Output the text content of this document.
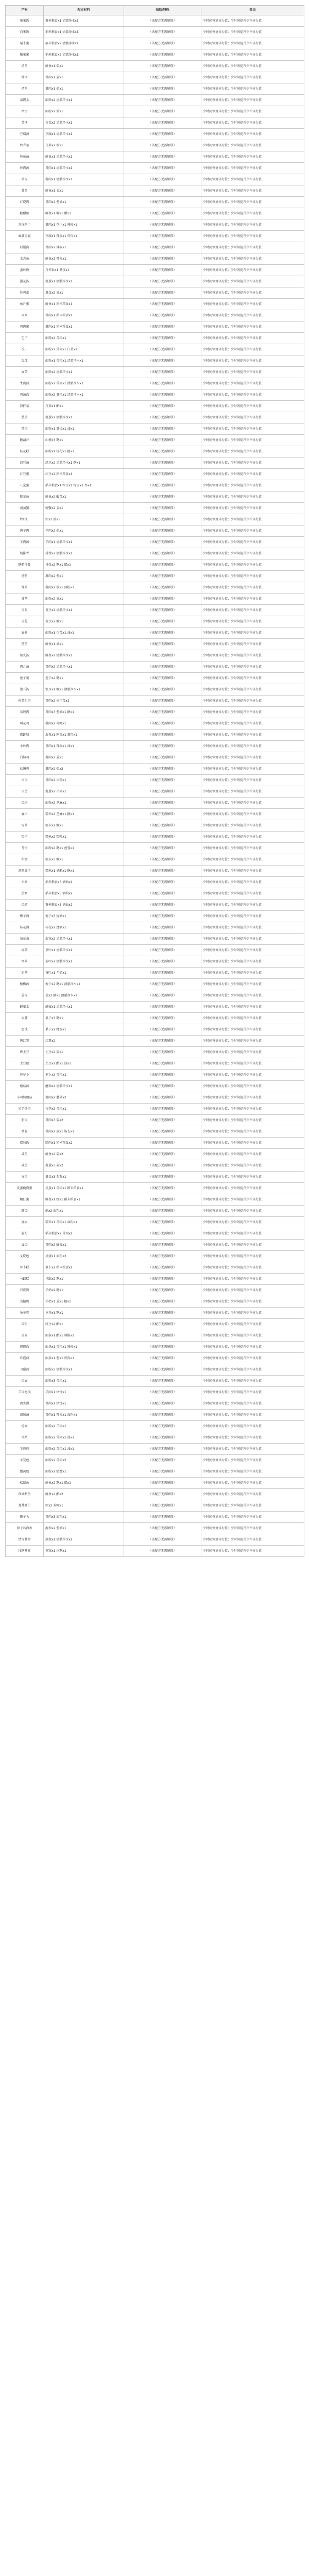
产物	配方材料	获取/特殊	效果
粟米饭	粟米粮食x1 清澈净水x1	（该配方无需解锁）	少时间恢复体力值；少时间提升少许体力值
白米饭	稻米粮食x1 清澈净水x1	（该配方无需解锁）	少时间恢复体力值；少时间提升少许体力值
粟米粥	粟米粮食x2 清澈净水x1	（该配方无需解锁）	少时间恢复体力值；少时间提升少许体力值
稻米粥	稻米粮食x2 清澈净水x1	（该配方无需解锁）	少时间恢复体力值；少时间提升少许体力值
烤鱼	鲜鱼x1 盐x1	（该配方无需解锁）	少时间恢复体力值；少时间提升少许体力值
烤肉	兽肉x1 盐x1	（该配方无需解锁）	少时间恢复体力值；少时间提升少许体力值
烤鸡	禽肉x1 盐x1	（该配方无需解锁）	少时间恢复体力值；少时间提升少许体力值
蒸馒头	面粉x2 清澈净水x1	（该配方无需解锁）	少时间恢复体力值；少时间提升少许体力值
烙饼	面粉x2 油x1	（该配方无需解锁）	少时间恢复体力值；少时间提升少许体力值
菜汤	白菜x2 清澈净水x1	（该配方无需解锁）	少时间恢复体力值；少时间提升少许体力值
豆腐汤	豆腐x1 清澈净水x1	（该配方无需解锁）	少时间恢复体力值；少时间提升少许体力值
炒青菜	白菜x2 油x1	（该配方无需解锁）	少时间恢复体力值；少时间提升少许体力值
炖鱼汤	鲜鱼x1 清澈净水x1	（该配方无需解锁）	少时间恢复体力值；少时间提升少许体力值
炖肉汤	兽肉x1 清澈净水x1	（该配方无需解锁）	少时间恢复体力值；少时间提升少许体力值
鸡汤	禽肉x1 清澈净水x1	（该配方无需解锁）	少时间恢复体力值；少时间提升少许体力值
蒸鱼	鲜鱼x1 姜x1	（该配方无需解锁）	少时间恢复体力值；少时间提升少许体力值
红烧肉	兽肉x2 酱油x1	（该配方无需解锁）	少时间恢复体力值；少时间提升少许体力值
糖醋鱼	鲜鱼x1 糖x1 醋x1	（该配方无需解锁）	少时间恢复体力值；少时间提升少许体力值
宫保鸡丁	禽肉x1 花生x1 辣椒x1	（该配方无需解锁）	少时间恢复体力值；少时间提升少许体力值
麻婆豆腐	豆腐x1 辣椒x1 兽肉x1	（该配方无需解锁）	少时间恢复体力值；少时间提升少许体力值
回锅肉	兽肉x2 辣椒x1	（该配方无需解锁）	少时间恢复体力值；少时间提升少许体力值
水煮鱼	鲜鱼x2 辣椒x1	（该配方无需解锁）	少时间恢复体力值；少时间提升少许体力值
蛋炒饭	白米饭x1 禽蛋x1	（该配方无需解锁）	少时间恢复体力值；少时间提升少许体力值
蛋花汤	禽蛋x1 清澈净水x1	（该配方无需解锁）	少时间恢复体力值；少时间提升少许体力值
炒鸡蛋	禽蛋x2 油x1	（该配方无需解锁）	少时间恢复体力值；少时间提升少许体力值
鱼片粥	鲜鱼x1 稻米粮食x1	（该配方无需解锁）	少时间恢复体力值；少时间提升少许体力值
肉粥	兽肉x1 稻米粮食x1	（该配方无需解锁）	少时间恢复体力值；少时间提升少许体力值
鸡肉粥	禽肉x1 稻米粮食x1	（该配方无需解锁）	少时间恢复体力值；少时间提升少许体力值
包子	面粉x2 兽肉x1	（该配方无需解锁）	少时间恢复体力值；少时间提升少许体力值
饺子	面粉x2 兽肉x1 白菜x1	（该配方无需解锁）	少时间恢复体力值；少时间提升少许体力值
馄饨	面粉x1 兽肉x1 清澈净水x1	（该配方无需解锁）	少时间恢复体力值；少时间提升少许体力值
面条	面粉x2 清澈净水x1	（该配方无需解锁）	少时间恢复体力值；少时间提升少许体力值
牛肉面	面粉x2 兽肉x1 清澈净水x1	（该配方无需解锁）	少时间恢复体力值；少时间提升少许体力值
鸡汤面	面粉x2 禽肉x1 清澈净水x1	（该配方无需解锁）	少时间恢复体力值；少时间提升少许体力值
凉拌菜	白菜x1 醋x1	（该配方无需解锁）	少时间恢复体力值；少时间提升少许体力值
蒸蛋	禽蛋x2 清澈净水x1	（该配方无需解锁）	少时间恢复体力值；少时间提升少许体力值
煎饼	面粉x1 禽蛋x1 油x1	（该配方无需解锁）	少时间恢复体力值；少时间提升少许体力值
糖葫芦	山楂x3 糖x1	（该配方无需解锁）	少时间恢复体力值；少时间提升少许体力值
桂花糕	面粉x1 桂花x1 糖x1	（该配方无需解锁）	少时间恢复体力值；少时间提升少许体力值
绿豆汤	绿豆x2 清澈净水x1 糖x1	（该配方无需解锁）	少时间恢复体力值；少时间提升少许体力值
红豆粥	红豆x2 稻米粮食x1	（该配方无需解锁）	少时间恢复体力值；少时间提升少许体力值
八宝粥	稻米粮食x1 红豆x1 绿豆x1 枣x1	（该配方无需解锁）	少时间恢复体力值；少时间提升少许体力值
酸菜鱼	鲜鱼x2 酸菜x1	（该配方无需解锁）	少时间恢复体力值；少时间提升少许体力值
清蒸蟹	螃蟹x2 姜x1	（该配方无需解锁）	少时间恢复体力值；少时间提升少许体力值
炒虾仁	虾x2 油x1	（该配方无需解锁）	少时间恢复体力值；少时间提升少许体力值
烤羊肉	羊肉x2 盐x1	（该配方无需解锁）	少时间恢复体力值；少时间提升少许体力值
羊肉汤	羊肉x1 清澈净水x1	（该配方无需解锁）	少时间恢复体力值；少时间提升少许体力值
炖排骨	排骨x2 清澈净水x1	（该配方无需解锁）	少时间恢复体力值；少时间提升少许体力值
糖醋排骨	排骨x2 糖x1 醋x1	（该配方无需解锁）	少时间恢复体力值；少时间提升少许体力值
烤鸭	禽肉x2 酱x1	（该配方无需解锁）	少时间恢复体力值；少时间提升少许体力值
炸鸡	禽肉x2 油x1 面粉x1	（该配方无需解锁）	少时间恢复体力值；少时间提升少许体力值
油条	面粉x2 油x1	（该配方无需解锁）	少时间恢复体力值；少时间提升少许体力值
豆浆	黄豆x2 清澈净水x1	（该配方无需解锁）	少时间恢复体力值；少时间提升少许体力值
豆花	黄豆x2 糖x1	（该配方无需解锁）	少时间恢复体力值；少时间提升少许体力值
春卷	面粉x1 白菜x1 油x1	（该配方无需解锁）	少时间恢复体力值；少时间提升少许体力值
煎鱼	鲜鱼x1 油x1	（该配方无需解锁）	少时间恢复体力值；少时间提升少许体力值
鱼丸汤	鲜鱼x2 清澈净水x1	（该配方无需解锁）	少时间恢复体力值；少时间提升少许体力值
肉丸汤	兽肉x2 清澈净水x1	（该配方无需解锁）	少时间恢复体力值；少时间提升少许体力值
莲子羹	莲子x2 糖x1	（该配方无需解锁）	少时间恢复体力值；少时间提升少许体力值
银耳汤	银耳x1 糖x1 清澈净水x1	（该配方无需解锁）	少时间恢复体力值；少时间提升少许体力值
梅菜扣肉	兽肉x2 梅干菜x1	（该配方无需解锁）	少时间恢复体力值；少时间提升少许体力值
东坡肉	兽肉x3 酱油x1 糖x1	（该配方无需解锁）	少时间恢复体力值；少时间提升少许体力值
叫花鸡	禽肉x2 荷叶x1	（该配方无需解锁）	少时间恢复体力值；少时间提升少许体力值
佛跳墙	海参x1 鲍鱼x1 禽肉x1	（该配方无需解锁）	少时间恢复体力值；少时间提升少许体力值
小炒肉	兽肉x1 辣椒x1 油x1	（该配方无需解锁）	少时间恢复体力值；少时间提升少许体力值
白切鸡	禽肉x2 姜x1	（该配方无需解锁）	少时间恢复体力值；少时间提升少许体力值
盐焗鸡	禽肉x2 盐x2	（该配方无需解锁）	少时间恢复体力值；少时间提升少许体力值
卤肉	兽肉x2 卤料x1	（该配方无需解锁）	少时间恢复体力值；少时间提升少许体力值
卤蛋	禽蛋x2 卤料x1	（该配方无需解锁）	少时间恢复体力值；少时间提升少许体力值
烧饼	面粉x2 芝麻x1	（该配方无需解锁）	少时间恢复体力值；少时间提升少许体力值
麻团	糯米x2 芝麻x1 糖x1	（该配方无需解锁）	少时间恢复体力值；少时间提升少许体力值
汤圆	糯米x2 糖x1	（该配方无需解锁）	少时间恢复体力值；少时间提升少许体力值
粽子	糯米x2 粽叶x1	（该配方无需解锁）	少时间恢复体力值；少时间提升少许体力值
月饼	面粉x2 糖x1 莲蓉x1	（该配方无需解锁）	少时间恢复体力值；少时间提升少许体力值
年糕	糯米x3 糖x1	（该配方无需解锁）	少时间恢复体力值；少时间提升少许体力值
酒酿圆子	糯米x1 酒酿x1 糖x1	（该配方无需解锁）	少时间恢复体力值；少时间提升少许体力值
米酒	稻米粮食x3 酒曲x1	（该配方无需解锁）	少时间恢复体力值；少时间提升少许体力值
黄酒	稻米粮食x3 酒曲x2	（该配方无需解锁）	少时间恢复体力值；少时间提升少许体力值
烧酒	粟米粮食x3 酒曲x2	（该配方无需解锁）	少时间恢复体力值；少时间提升少许体力值
梅子酒	梅子x3 烧酒x1	（该配方无需解锁）	少时间恢复体力值；少时间提升少许体力值
桂花酒	桂花x2 烧酒x1	（该配方无需解锁）	少时间恢复体力值；少时间提升少许体力值
菊花茶	菊花x2 清澈净水x1	（该配方无需解锁）	少时间恢复体力值；少时间提升少许体力值
绿茶	茶叶x1 清澈净水x1	（该配方无需解锁）	少时间恢复体力值；少时间提升少许体力值
红茶	茶叶x2 清澈净水x1	（该配方无需解锁）	少时间恢复体力值；少时间提升少许体力值
奶茶	茶叶x1 羊奶x1	（该配方无需解锁）	少时间恢复体力值；少时间提升少许体力值
酸梅汤	梅子x2 糖x1 清澈净水x1	（该配方无需解锁）	少时间恢复体力值；少时间提升少许体力值
姜汤	姜x2 糖x1 清澈净水x1	（该配方无需解锁）	少时间恢复体力值；少时间提升少许体力值
蜂蜜水	蜂蜜x1 清澈净水x1	（该配方无需解锁）	少时间恢复体力值；少时间提升少许体力值
果脯	果子x3 糖x1	（该配方无需解锁）	少时间恢复体力值；少时间提升少许体力值
蜜饯	果子x2 蜂蜜x1	（该配方无需解锁）	少时间恢复体力值；少时间提升少许体力值
烤红薯	红薯x2	（该配方无需解锁）	少时间恢复体力值；少时间提升少许体力值
烤土豆	土豆x2 盐x1	（该配方无需解锁）	少时间恢复体力值；少时间提升少许体力值
土豆丝	土豆x2 醋x1 油x1	（该配方无需解锁）	少时间恢复体力值；少时间提升少许体力值
炖萝卜	萝卜x2 兽肉x1	（该配方无需解锁）	少时间恢复体力值；少时间提升少许体力值
蘑菇汤	蘑菇x2 清澈净水x1	（该配方无需解锁）	少时间恢复体力值；少时间提升少许体力值
小鸡炖蘑菇	禽肉x2 蘑菇x2	（该配方无需解锁）	少时间恢复体力值；少时间提升少许体力值
竹笋炒肉	竹笋x2 兽肉x1	（该配方无需解锁）	少时间恢复体力值；少时间提升少许体力值
腊肉	兽肉x3 盐x2	（该配方无需解锁）	少时间恢复体力值；少时间提升少许体力值
香肠	兽肉x2 盐x1 肠衣x1	（该配方无需解锁）	少时间恢复体力值；少时间提升少许体力值
腊味饭	腊肉x1 稻米粮食x2	（该配方无需解锁）	少时间恢复体力值；少时间提升少许体力值
咸鱼	鲜鱼x2 盐x2	（该配方无需解锁）	少时间恢复体力值；少时间提升少许体力值
咸蛋	禽蛋x3 盐x2	（该配方无需解锁）	少时间恢复体力值；少时间提升少许体力值
皮蛋	禽蛋x3 石灰x1	（该配方无需解锁）	少时间恢复体力值；少时间提升少许体力值
皮蛋瘦肉粥	皮蛋x1 兽肉x1 稻米粮食x1	（该配方无需解锁）	少时间恢复体力值；少时间提升少许体力值
艇仔粥	鲜鱼x1 虾x1 稻米粮食x1	（该配方无需解锁）	少时间恢复体力值；少时间提升少许体力值
虾饺	虾x2 面粉x1	（该配方无需解锁）	少时间恢复体力值；少时间提升少许体力值
烧卖	糯米x1 兽肉x1 面粉x1	（该配方无需解锁）	少时间恢复体力值；少时间提升少许体力值
肠粉	稻米粮食x2 兽肉x1	（该配方无需解锁）	少时间恢复体力值；少时间提升少许体力值
叉烧	兽肉x2 蜂蜜x1	（该配方无需解锁）	少时间恢复体力值；少时间提升少许体力值
叉烧包	叉烧x1 面粉x2	（该配方无需解锁）	少时间恢复体力值；少时间提升少许体力值
萝卜糕	萝卜x2 稻米粮食x1	（该配方无需解锁）	少时间恢复体力值；少时间提升少许体力值
马蹄糕	马蹄x2 糖x1	（该配方无需解锁）	少时间恢复体力值；少时间提升少许体力值
双皮奶	羊奶x2 糖x1	（该配方无需解锁）	少时间恢复体力值；少时间提升少许体力值
姜撞奶	羊奶x1 姜x1 糖x1	（该配方无需解锁）	少时间恢复体力值；少时间提升少许体力值
龟苓膏	龟苓x1 糖x1	（该配方无需解锁）	少时间恢复体力值；少时间提升少许体力值
凉粉	绿豆x2 醋x1	（该配方无需解锁）	少时间恢复体力值；少时间提升少许体力值
凉面	面条x1 醋x1 辣椒x1	（该配方无需解锁）	少时间恢复体力值；少时间提升少许体力值
担担面	面条x1 兽肉x1 辣椒x1	（该配方无需解锁）	少时间恢复体力值；少时间提升少许体力值
炸酱面	面条x1 酱x1 兽肉x1	（该配方无需解锁）	少时间恢复体力值；少时间提升少许体力值
刀削面	面粉x3 清澈净水x1	（该配方无需解锁）	少时间恢复体力值；少时间提升少许体力值
拉面	面粉x3 兽肉x1	（该配方无需解锁）	少时间恢复体力值；少时间提升少许体力值
羊肉泡馍	羊肉x1 烙饼x1	（该配方无需解锁）	少时间恢复体力值；少时间提升少许体力值
肉夹馍	兽肉x1 烙饼x1	（该配方无需解锁）	少时间恢复体力值；少时间提升少许体力值
胡辣汤	兽肉x1 辣椒x1 面粉x1	（该配方无需解锁）	少时间恢复体力值；少时间提升少许体力值
烩面	面粉x2 羊肉x1	（该配方无需解锁）	少时间恢复体力值；少时间提升少许体力值
锅贴	面粉x2 兽肉x1 油x1	（该配方无需解锁）	少时间恢复体力值；少时间提升少许体力值
生煎包	面粉x2 兽肉x1 油x1	（该配方无需解锁）	少时间恢复体力值；少时间提升少许体力值
小笼包	面粉x2 兽肉x2	（该配方无需解锁）	少时间恢复体力值；少时间提升少许体力值
蟹黄包	面粉x2 螃蟹x1	（该配方无需解锁）	少时间恢复体力值；少时间提升少许体力值
松鼠鱼	鲜鱼x2 糖x1 醋x1	（该配方无需解锁）	少时间恢复体力值；少时间提升少许体力值
西湖醋鱼	鲜鱼x2 醋x2	（该配方无需解锁）	少时间恢复体力值；少时间提升少许体力值
龙井虾仁	虾x2 茶叶x1	（该配方无需解锁）	少时间恢复体力值；少时间提升少许体力值
狮子头	兽肉x3 面粉x1	（该配方无需解锁）	少时间恢复体力值；少时间提升少许体力值
獐子岛海参	海参x2 酱油x1	（该配方无需解锁）	少时间恢复体力值；少时间提升少许体力值
清汤燕窝	燕窝x1 清澈净水x1	（该配方无需解锁）	少时间恢复体力值；少时间提升少许体力值
冰糖燕窝	燕窝x1 冰糖x1	（该配方无需解锁）	少时间恢复体力值；少时间提升少许体力值
